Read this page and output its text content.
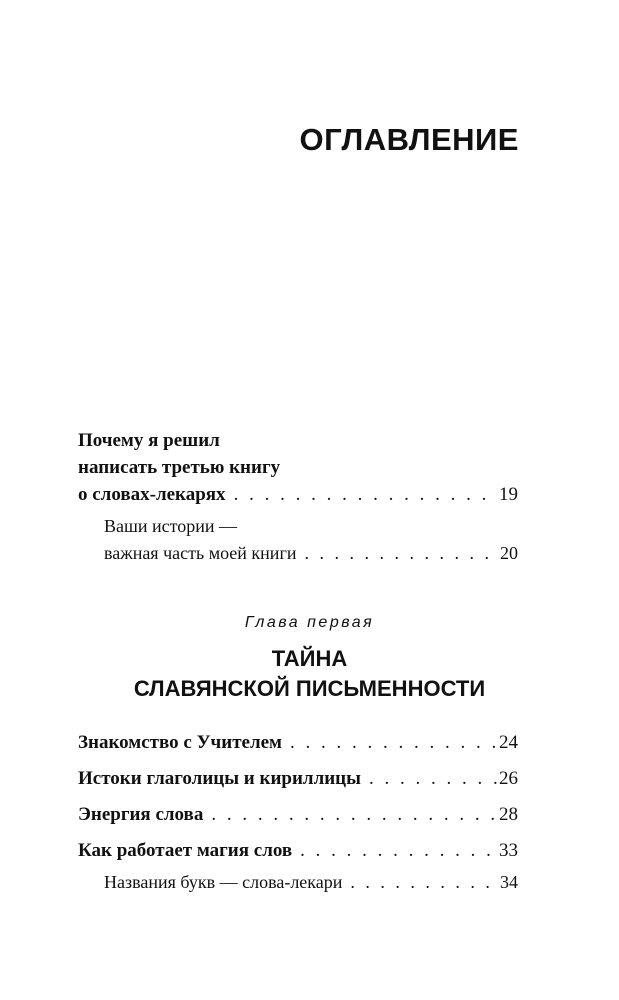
ОГЛАВЛЕНИЕ
Почему я решил
написать третью книгу
о словах-лекарях . . .	19
Ваши истории —
важная часть моей книги . . .	20

Глава первая

ТАЙНА

СЛАВЯНСКОЙ ПИСЬМЕННОСТИ

Знакомство с Учителем . . .	24
Истоки глаголицы и кириллицы . . .	26
Энергия слова . . .	28
Как работает магия слов . . .	33
Названия букв — слова-лекари . . .	34
